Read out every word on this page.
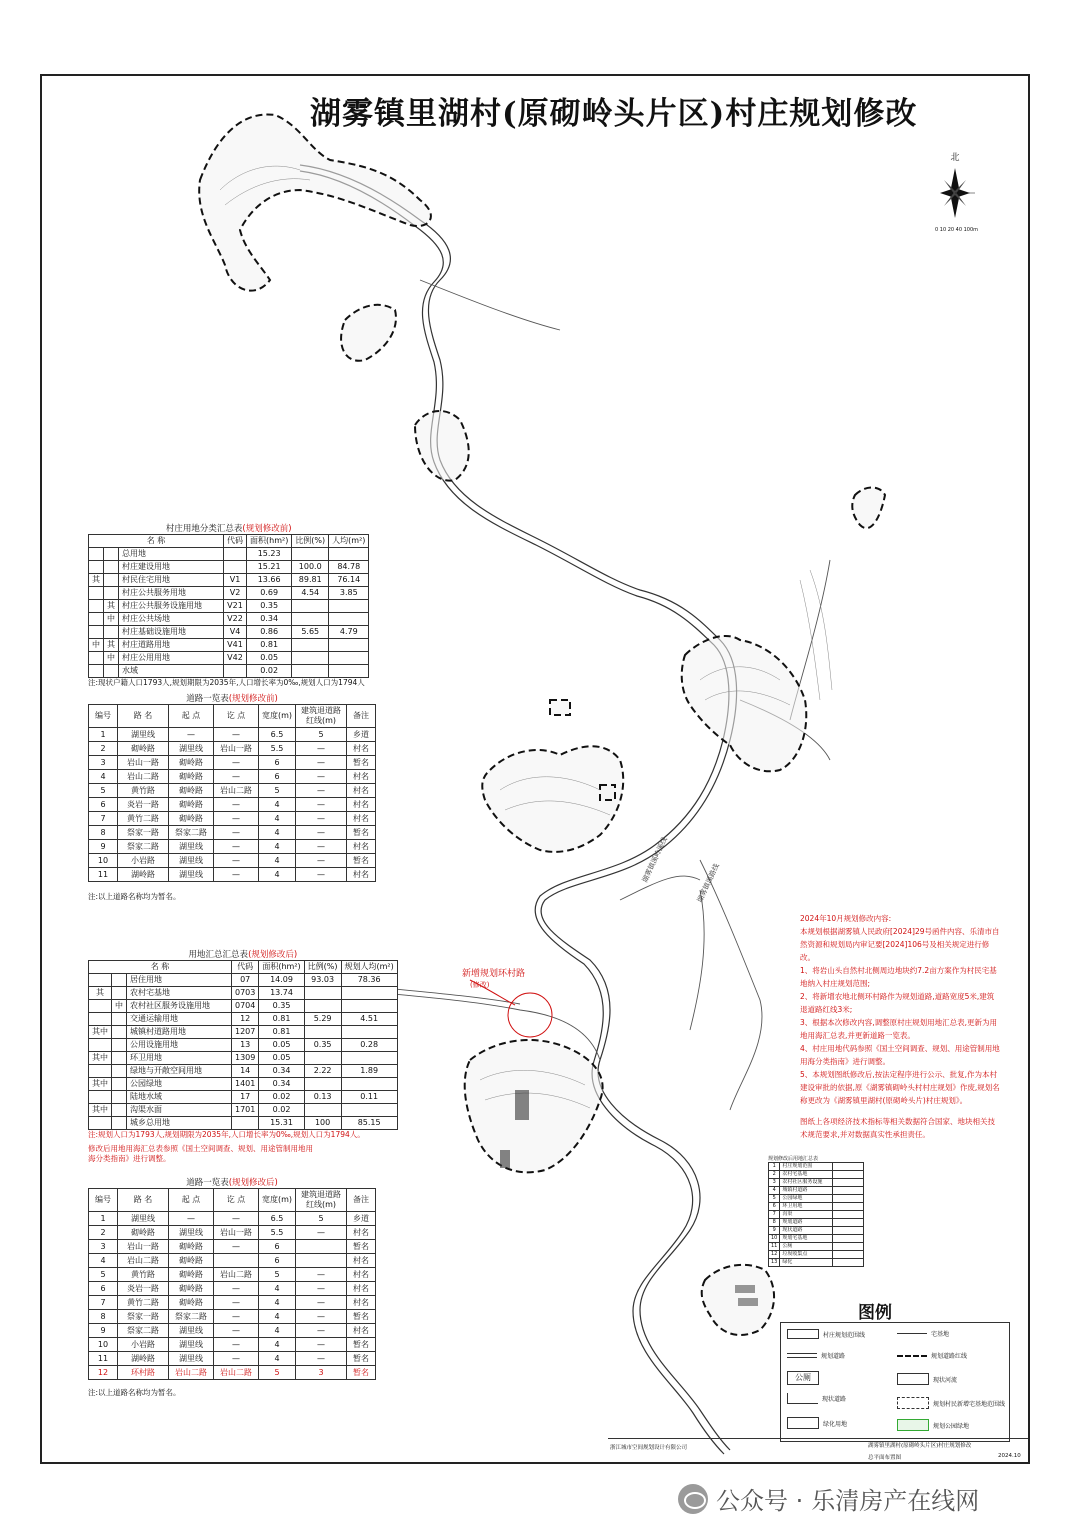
湖雾镇里湖村(原砌岭头片区)村庄规划修改
新增规划环村路
(修改)
湖雾镇溪岭溪线	湖雾镇溪路线
北
0 10 20 40 100m
村庄用地分类汇总表(规划修改前)
名 称			代码	面积(hm²)	比例(%)	人均(m²)
		总用地		15.23		
		村庄建设用地		15.21	100.0	84.78
其		村民住宅用地	V1	13.66	89.81	76.14
		村庄公共服务用地	V2	0.69	4.54	3.85
	其	村庄公共服务设施用地	V21	0.35		
	中	村庄公共场地	V22	0.34		
		村庄基础设施用地	V4	0.86	5.65	4.79
中	其	村庄道路用地	V41	0.81		
	中	村庄公用用地	V42	0.05		
		水域		0.02		
注:现状户籍人口1793人,规划期限为2035年,人口增长率为0‰,规划人口为1794人
道路一览表(规划修改前)
编号	路 名	起 点	讫 点	宽度(m)	建筑退道路红线(m)	备注
1	湖里线	—	—	6.5	5	乡道
2	砌岭路	湖里线	岩山一路	5.5	—	村名
3	岩山一路	砌岭路	—	6	—	暂名
4	岩山二路	砌岭路	—	6	—	村名
5	黄竹路	砌岭路	岩山二路	5	—	村名
6	炎岩一路	砌岭路	—	4	—	村名
7	黄竹二路	砌岭路	—	4	—	村名
8	祭家一路	祭家二路	—	4	—	暂名
9	祭家二路	湖里线	—	4	—	村名
10	小岩路	湖里线	—	4	—	暂名
11	湖岭路	湖里线	—	4	—	村名
注:以上道路名称均为暂名。
用地汇总汇总表(规划修改后)
名 称			代码	面积(hm²)	比例(%)	规划人均(m²)
		居住用地	07	14.09	93.03	78.36
其		农村宅基地	0703	13.74		
	中	农村社区服务设施用地	0704	0.35		
		交通运输用地	12	0.81	5.29	4.51
其中		城镇村道路用地	1207	0.81		
		公用设施用地	13	0.05	0.35	0.28
其中		环卫用地	1309	0.05		
		绿地与开敞空间用地	14	0.34	2.22	1.89
其中		公园绿地	1401	0.34		
		陆地水域	17	0.02	0.13	0.11
其中		沟渠水面	1701	0.02		
		城乡总用地		15.31	100	85.15
注:规划人口为1793人,规划期限为2035年,人口增长率为0‰,规划人口为1794人。
修改后用地用海汇总表参照《国土空间调查、规划、用途管制用地用
海分类指南》进行调整。
道路一览表(规划修改后)
编号	路 名	起 点	讫 点	宽度(m)	建筑退道路红线(m)	备注
1	湖里线	—	—	6.5	5	乡道
2	砌岭路	湖里线	岩山一路	5.5	—	村名
3	岩山一路	砌岭路	—	6		暂名
4	岩山二路	砌岭路		6		村名
5	黄竹路	砌岭路	岩山二路	5	—	村名
6	炎岩一路	砌岭路	—	4	—	村名
7	黄竹二路	砌岭路	—	4	—	村名
8	祭家一路	祭家二路	—	4	—	暂名
9	祭家二路	湖里线	—	4	—	村名
10	小岩路	湖里线	—	4	—	暂名
11	湖岭路	湖里线	—	4	—	暂名
12	环村路	岩山二路	岩山二路	5	3	暂名
注:以上道路名称均为暂名。
2024年10月规划修改内容:
本规划根据湖雾镇人民政府[2024]29号函件内容、乐清市自然资源和规划局内审记要[2024]106号及相关规定进行修改。
1、将岩山头自然村北侧周边地块约7.2亩方案作为村民宅基地纳入村庄规划范围;
2、将新增农地北侧环村路作为规划道路,道路宽度5米,建筑退道路红线3米;
3、根据本次修改内容,调整原村庄规划用地汇总表,更新为用地用海汇总表,并更新道路一览表。
4、村庄用地代码参照《国土空间调查、规划、用途管制用地用海分类指南》进行调整。
5、本规划图纸修改后,按法定程序进行公示、批复,作为本村建设审批的依据,原《湖雾镇砌岭头村村庄规划》作废,规划名称更改为《湖雾镇里湖村(原砌岭头片)村庄规划》。
图纸上各项经济技术指标等相关数据符合国家、地块相关技术规范要求,并对数据真实性承担责任。
规划修改后用地汇总表
1	村庄规划范围	
2	农村宅基地	
3	农村社区服务设施	
4	城镇村道路	
5	公园绿地	
6	环卫用地	
7	沟渠	
8	规划道路	
9	现状道路	
10	规划宅基地	
11	公厕	
12	垃圾收集点	
13	绿化	
图例
村庄规划范围线
规划道路
公厕
现状道路
绿化用地
宅基地
规划道路红线
现状河流
规划村民新增宅基地范围线
规划公园绿地
浙江城市空间规划设计有限公司	湖雾镇里湖村(原砌岭头片区)村庄规划修改
总平面布置图	2024.10
公众号 · 乐清房产在线网
